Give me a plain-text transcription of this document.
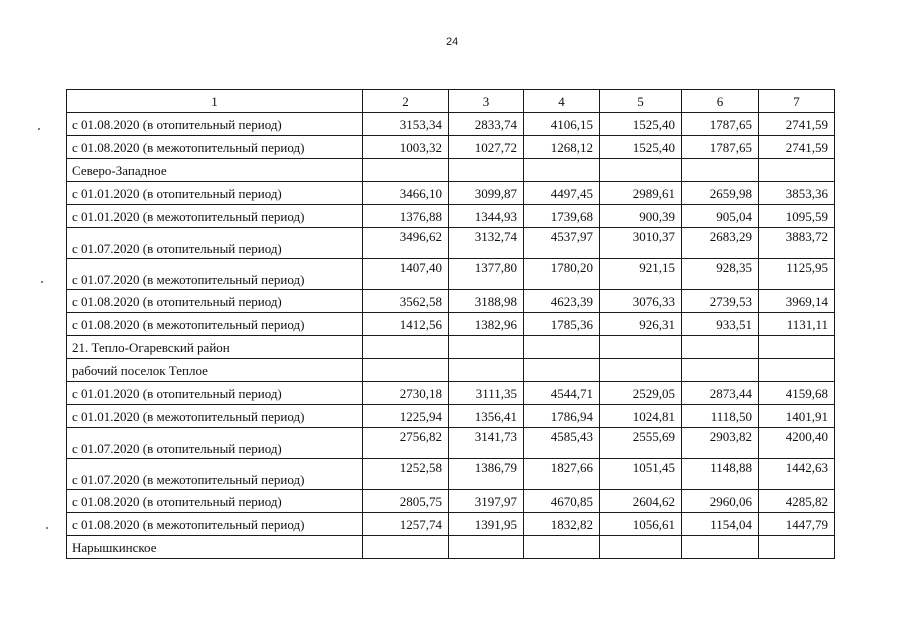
24
1	2	3	4	5	6	7
с 01.08.2020 (в отопительный период)	3153,34	2833,74	4106,15	1525,40	1787,65	2741,59
с 01.08.2020 (в межотопительный период)	1003,32	1027,72	1268,12	1525,40	1787,65	2741,59
Северо-Западное						
с 01.01.2020 (в отопительный период)	3466,10	3099,87	4497,45	2989,61	2659,98	3853,36
с 01.01.2020 (в межотопительный период)	1376,88	1344,93	1739,68	900,39	905,04	1095,59
с 01.07.2020 (в отопительный период)	3496,62	3132,74	4537,97	3010,37	2683,29	3883,72
с 01.07.2020 (в межотопительный период)	1407,40	1377,80	1780,20	921,15	928,35	1125,95
с 01.08.2020 (в отопительный период)	3562,58	3188,98	4623,39	3076,33	2739,53	3969,14
с 01.08.2020 (в межотопительный период)	1412,56	1382,96	1785,36	926,31	933,51	1131,11
21. Тепло-Огаревский район						
рабочий поселок Теплое						
с 01.01.2020 (в отопительный период)	2730,18	3111,35	4544,71	2529,05	2873,44	4159,68
с 01.01.2020 (в межотопительный период)	1225,94	1356,41	1786,94	1024,81	1118,50	1401,91
с 01.07.2020 (в отопительный период)	2756,82	3141,73	4585,43	2555,69	2903,82	4200,40
с 01.07.2020 (в межотопительный период)	1252,58	1386,79	1827,66	1051,45	1148,88	1442,63
с 01.08.2020 (в отопительный период)	2805,75	3197,97	4670,85	2604,62	2960,06	4285,82
с 01.08.2020 (в межотопительный период)	1257,74	1391,95	1832,82	1056,61	1154,04	1447,79
Нарышкинское						
